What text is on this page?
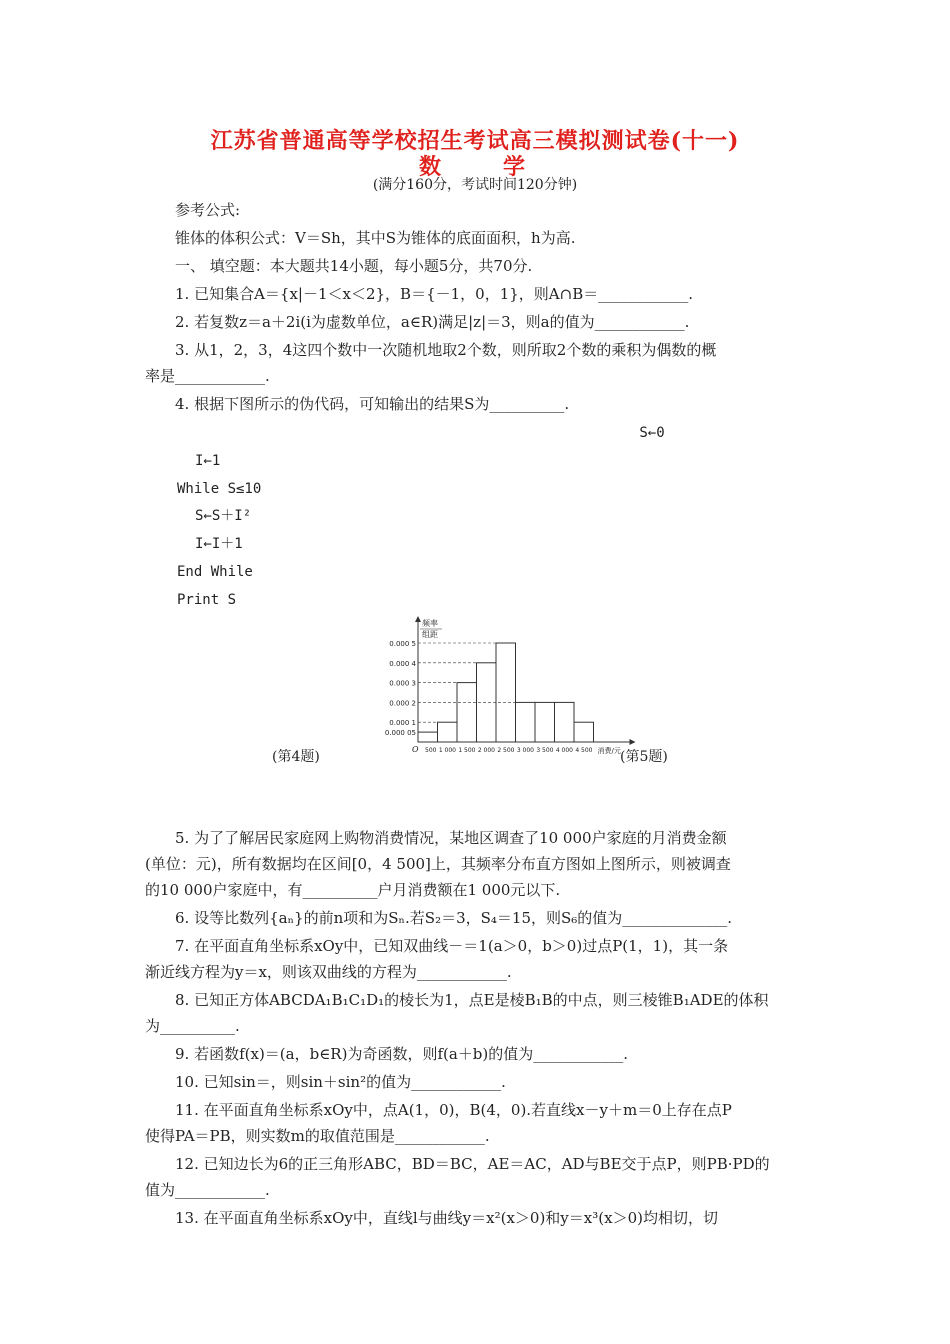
江苏省普通高等学校招生考试高三模拟测试卷(十一)
数　　学
(满分160分，考试时间120分钟)
参考公式:
锥体的体积公式：V＝Sh，其中S为锥体的底面面积，h为高.
一、 填空题：本大题共14小题，每小题5分，共70分.
1. 已知集合A＝{x|－1＜x＜2}，B＝{－1，0，1}，则A∩B＝____________.
2. 若复数z＝a＋2i(i为虚数单位，a∈R)满足|z|＝3，则a的值为____________.
3. 从1，2，3，4这四个数中一次随机地取2个数，则所取2个数的乘积为偶数的概
率是____________.
4. 根据下图所示的伪代码，可知输出的结果S为__________.
S←0
I←1
While S≤10
S←S＋I²
I←I＋1
End While
Print S
频率
组距
0.000 05
0.000 1
0.000 2
0.000 3
0.000 4
0.000 5
500 1 000 1 500 2 000 2 500 3 000 3 500 4 000 4 500
O	消费/元
(第4题)	(第5题)
5. 为了了解居民家庭网上购物消费情况，某地区调查了10 000户家庭的月消费金额
(单位：元)，所有数据均在区间[0，4 500]上，其频率分布直方图如上图所示，则被调查
的10 000户家庭中，有__________户月消费额在1 000元以下.
6. 设等比数列{aₙ}的前n项和为Sₙ.若S₂＝3，S₄＝15，则S₆的值为______________.
7. 在平面直角坐标系xOy中，已知双曲线－＝1(a＞0，b＞0)过点P(1，1)，其一条
渐近线方程为y＝x，则该双曲线的方程为____________.
8. 已知正方体ABCDA₁B₁C₁D₁的棱长为1，点E是棱B₁B的中点，则三棱锥B₁ADE的体积
为__________.
9. 若函数f(x)＝(a，b∈R)为奇函数，则f(a＋b)的值为____________.
10. 已知sin＝，则sin＋sin²的值为____________.
11. 在平面直角坐标系xOy中，点A(1，0)，B(4，0).若直线x－y＋m＝0上存在点P
使得PA＝PB，则实数m的取值范围是____________.
12. 已知边长为6的正三角形ABC，BD＝BC，AE＝AC，AD与BE交于点P，则PB·PD的
值为____________.
13. 在平面直角坐标系xOy中，直线l与曲线y＝x²(x＞0)和y＝x³(x＞0)均相切，切
